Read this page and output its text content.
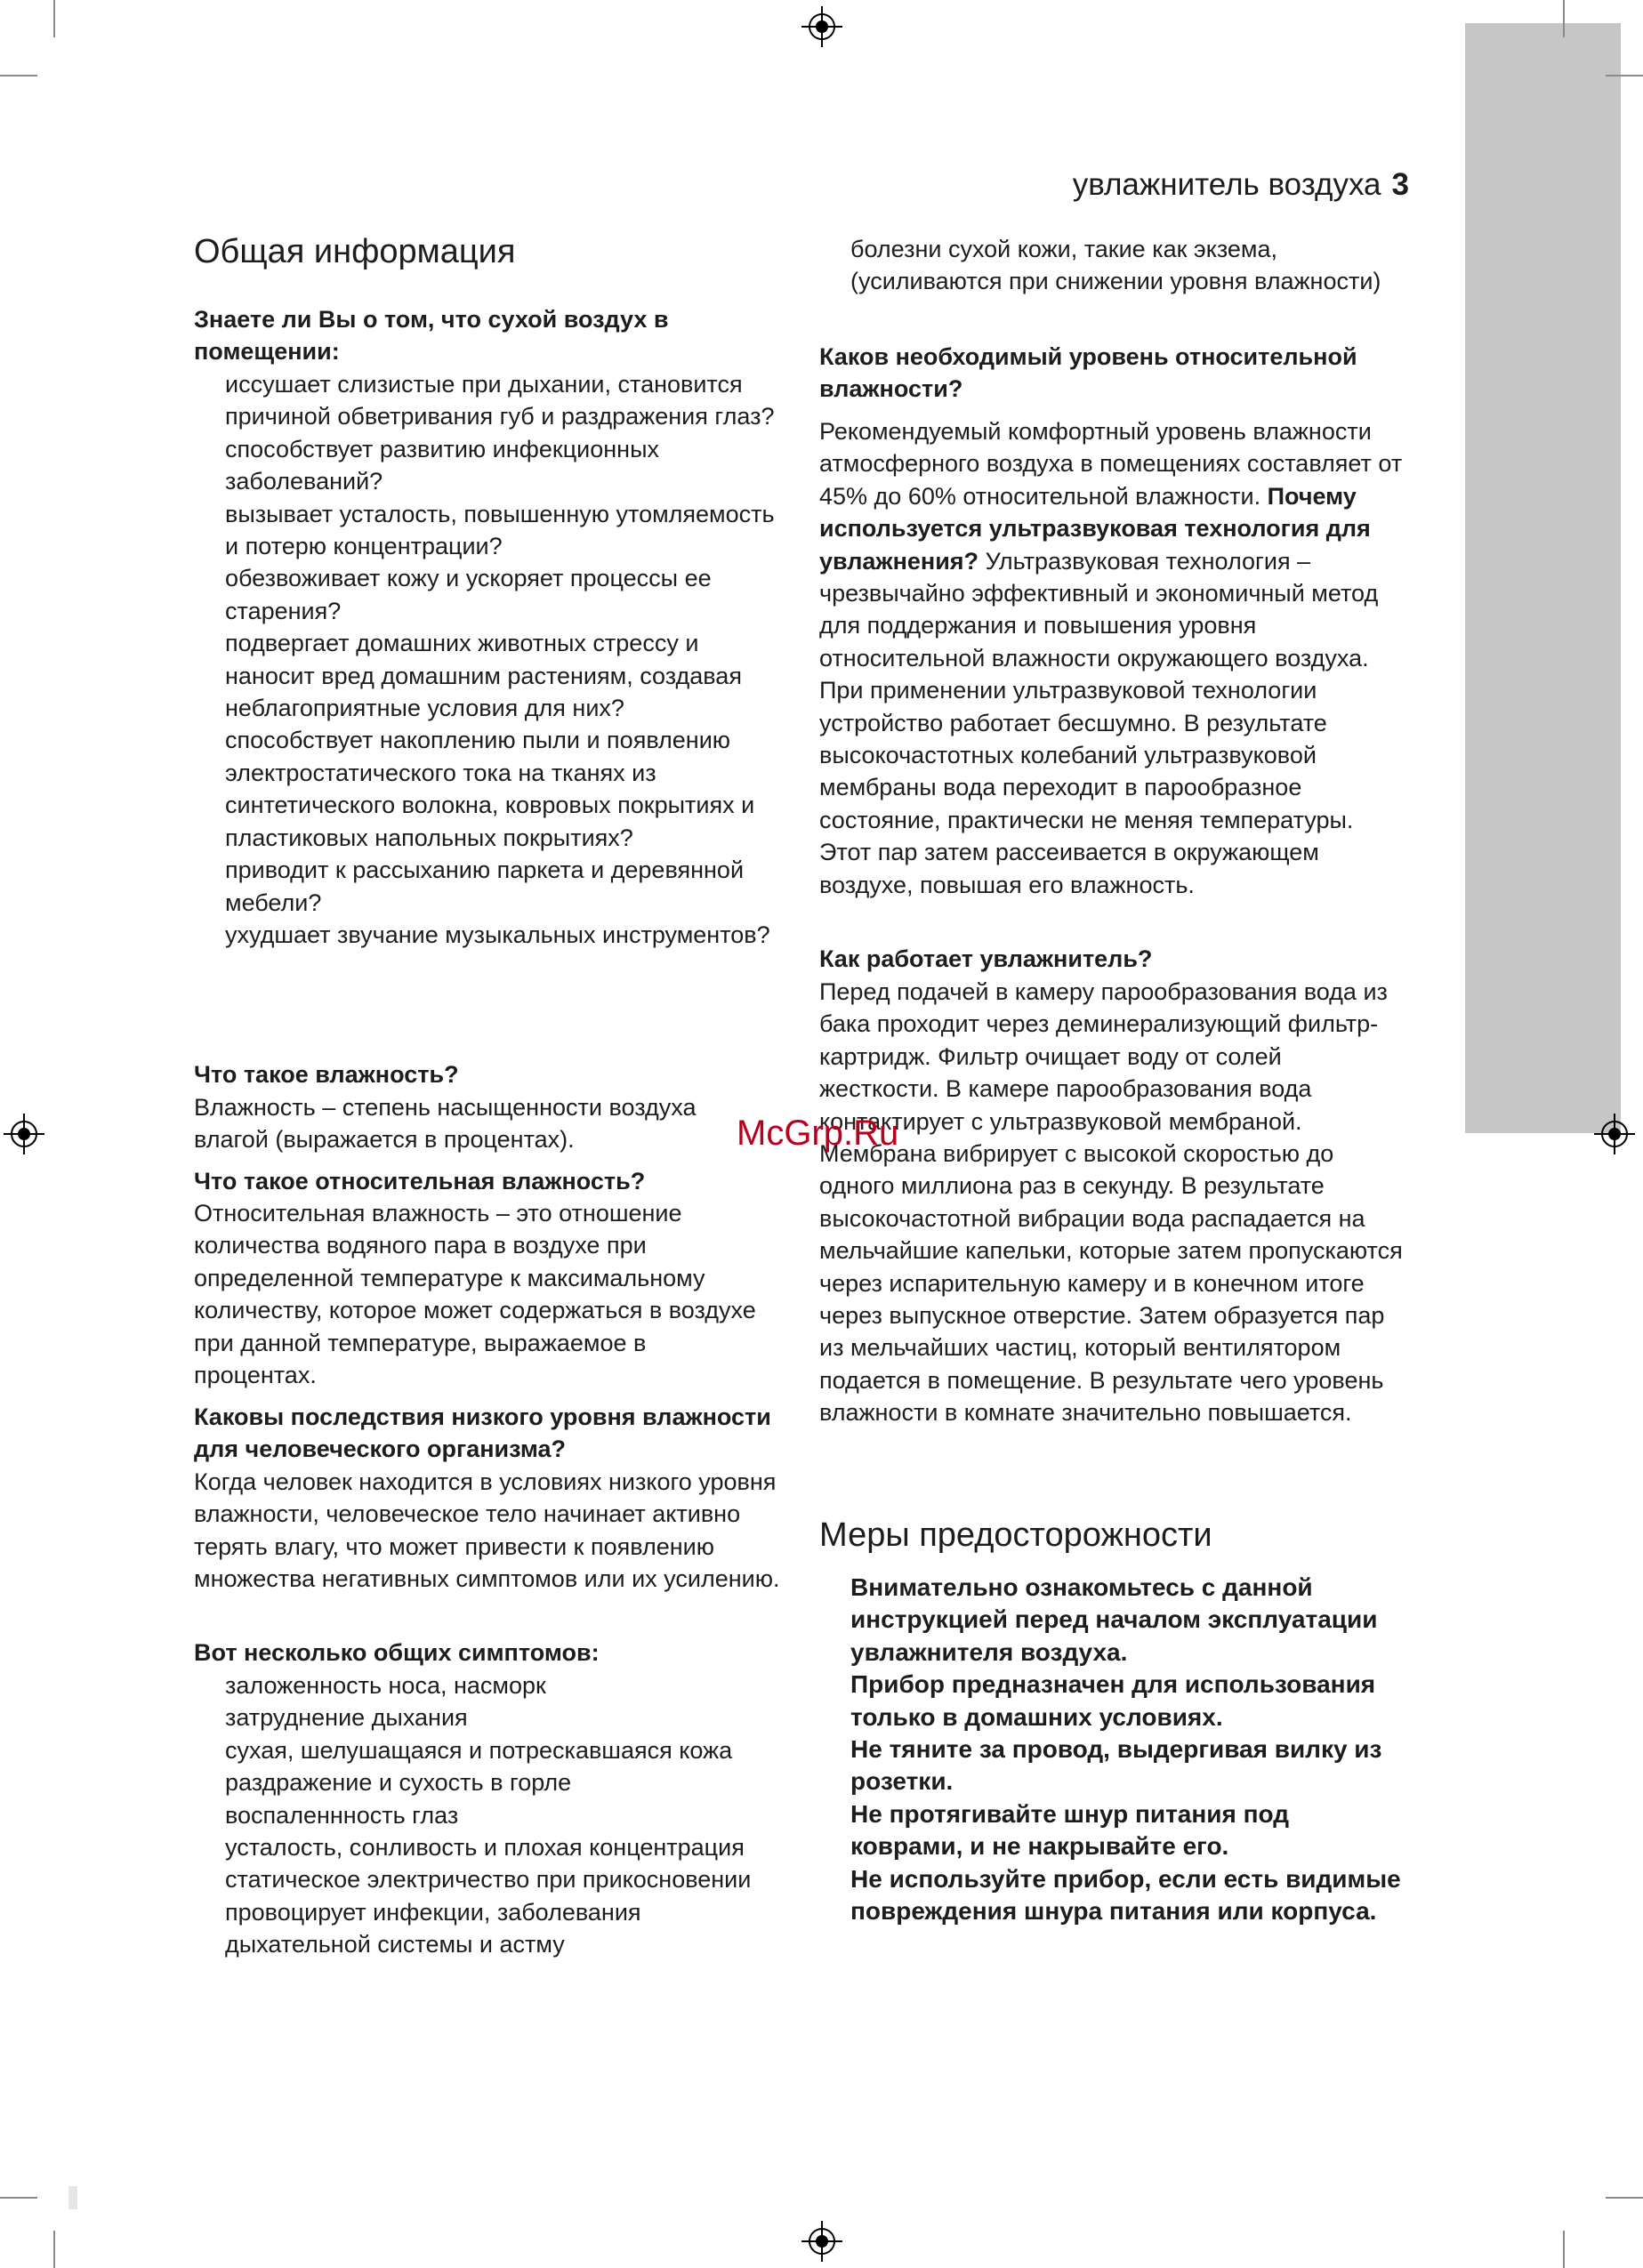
увлажнитель воздуха 3
Общая информация

Знаете ли Вы о том, что сухой воздух в помещении:

иссушает слизистые при дыхании, становится причиной обветривания губ и раздражения глаз?
способствует развитию инфекционных заболеваний?
вызывает усталость, повышенную утомляемость и потерю концентрации?
обезвоживает кожу и ускоряет процессы ее старения?
подвергает домашних животных стрессу и наносит вред домашним растениям, создавая неблагоприятные условия для них?
способствует накоплению пыли и появлению электростатического тока на тканях из синтетического волокна, ковровых покрытиях и пластиковых напольных покрытиях?
приводит к рассыханию паркета и деревянной мебели?
ухудшает звучание музыкальных инструментов?

Что такое влажность?

Влажность – степень насыщенности воздуха влагой (выражается в процентах).

Что такое относительная влажность?

Относительная влажность – это отношение количества водяного пара в воздухе при определенной температуре к максимальному количеству, которое может содержаться в воздухе при данной температуре, выражаемое в процентах.

Каковы последствия низкого уровня влажности для человеческого организма?

Когда человек находится в условиях низкого уровня влажности, человеческое тело начинает активно терять влагу, что может привести к появлению множества негативных симптомов или их усилению.

Вот несколько общих симптомов:

заложенность носа, насморк
затруднение дыхания
сухая, шелушащаяся и потрескавшаяся кожа
раздражение и сухость в горле
воспаленнность глаз
усталость, сонливость и плохая концентрация
статическое электричество при прикосновении
провоцирует инфекции, заболевания дыхательной системы и астму
болезни сухой кожи, такие как экзема, (усиливаются при снижении уровня влажности)

Каков необходимый уровень относительной влажности?

Рекомендуемый комфортный уровень влажности атмосферного воздуха в помещениях составляет от 45% до 60% относительной влажности. Почему используется ультразвуковая технология для увлажнения? Ультразвуковая технология – чрезвычайно эффективный и экономичный метод для поддержания и повышения уровня относительной влажности окружающего воздуха. При применении ультразвуковой технологии устройство работает бесшумно. В результате высокочастотных колебаний ультразвуковой мембраны вода переходит в парообразное состояние, практически не меняя температуры. Этот пар затем рассеивается в окружающем воздухе, повышая его влажность.

Как работает увлажнитель?

Перед подачей в камеру парообразования вода из бака проходит через деминерализующий фильтр-картридж. Фильтр очищает воду от солей жесткости. В камере парообразования вода контактирует с ультразвуковой мембраной. Мембрана вибрирует с высокой скоростью до одного миллиона раз в секунду. В результате высокочастотной вибрации вода распадается на мельчайшие капельки, которые затем пропускаются через испарительную камеру и в конечном итоге через выпускное отверстие. Затем образуется пар из мельчайших частиц, который вентилятором подается в помещение. В результате чего уровень влажности в комнате значительно повышается.

Меры предосторожности

Внимательно ознакомьтесь с данной инструкцией перед началом эксплуатации увлажнителя воздуха.

Прибор предназначен для использования только в домашних условиях.

Не тяните за провод, выдергивая вилку из розетки.

Не протягивайте шнур питания под коврами, и не накрывайте его.

Не используйте прибор, если есть видимые повреждения шнура питания или корпуса.

McGrp.Ru
